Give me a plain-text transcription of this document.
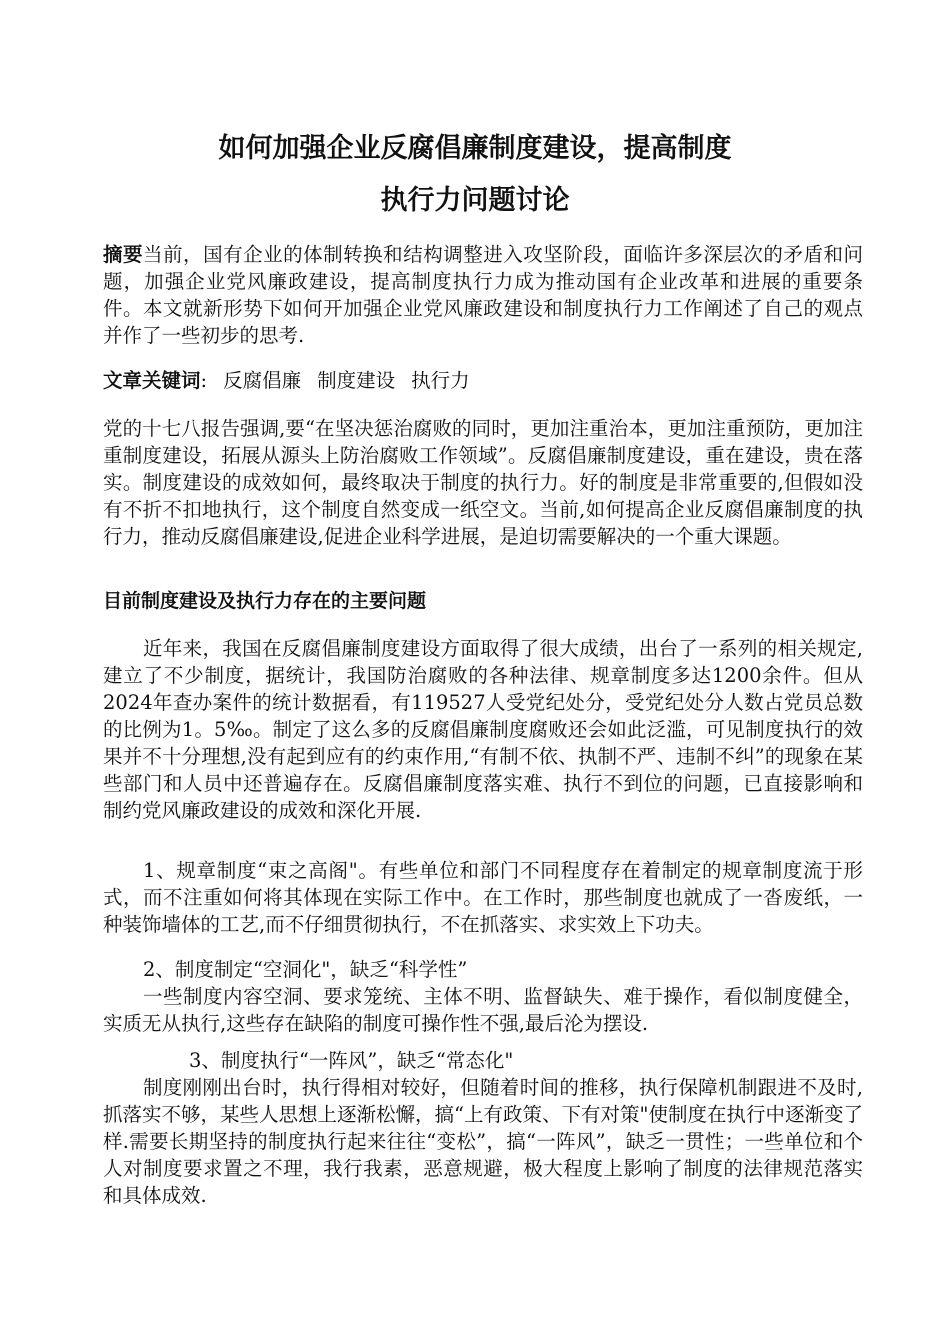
如何加强企业反腐倡廉制度建设，提高制度
执行力问题讨论

摘要当前，国有企业的体制转换和结构调整进入攻坚阶段，面临许多深层次的矛盾和问题，加强企业党风廉政建设，提高制度执行力成为推动国有企业改革和进展的重要条件。本文就新形势下如何开加强企业党风廉政建设和制度执行力工作阐述了自己的观点并作了一些初步的思考.

文章关键词: 反腐倡廉 制度建设 执行力

党的十七八报告强调,要“在坚决惩治腐败的同时，更加注重治本，更加注重预防，更加注重制度建设，拓展从源头上防治腐败工作领域”。反腐倡廉制度建设，重在建设，贵在落实。制度建设的成效如何，最终取决于制度的执行力。好的制度是非常重要的,但假如没有不折不扣地执行，这个制度自然变成一纸空文。当前,如何提高企业反腐倡廉制度的执行力，推动反腐倡廉建设,促进企业科学进展，是迫切需要解决的一个重大课题。

目前制度建设及执行力存在的主要问题

近年来，我国在反腐倡廉制度建设方面取得了很大成绩，出台了一系列的相关规定,建立了不少制度，据统计，我国防治腐败的各种法律、规章制度多达1200余件。但从2024年查办案件的统计数据看，有119527人受党纪处分，受党纪处分人数占党员总数的比例为1。5‰。制定了这么多的反腐倡廉制度腐败还会如此泛滥，可见制度执行的效果并不十分理想,没有起到应有的约束作用,“有制不依、执制不严、违制不纠”的现象在某些部门和人员中还普遍存在。反腐倡廉制度落实难、执行不到位的问题，已直接影响和制约党风廉政建设的成效和深化开展.

1、规章制度“束之高阁"。有些单位和部门不同程度存在着制定的规章制度流于形式，而不注重如何将其体现在实际工作中。在工作时，那些制度也就成了一沓废纸，一种装饰墙体的工艺,而不仔细贯彻执行，不在抓落实、求实效上下功夫。

2、制度制定“空洞化"，缺乏“科学性”

一些制度内容空洞、要求笼统、主体不明、监督缺失、难于操作，看似制度健全，实质无从执行,这些存在缺陷的制度可操作性不强,最后沦为摆设.

3、制度执行“一阵风”，缺乏“常态化"

制度刚刚出台时，执行得相对较好，但随着时间的推移，执行保障机制跟进不及时,抓落实不够，某些人思想上逐渐松懈，搞“上有政策、下有对策"使制度在执行中逐渐变了样.需要长期坚持的制度执行起来往往“变松”，搞“一阵风”，缺乏一贯性；一些单位和个人对制度要求置之不理，我行我素，恶意规避，极大程度上影响了制度的法律规范落实和具体成效.
